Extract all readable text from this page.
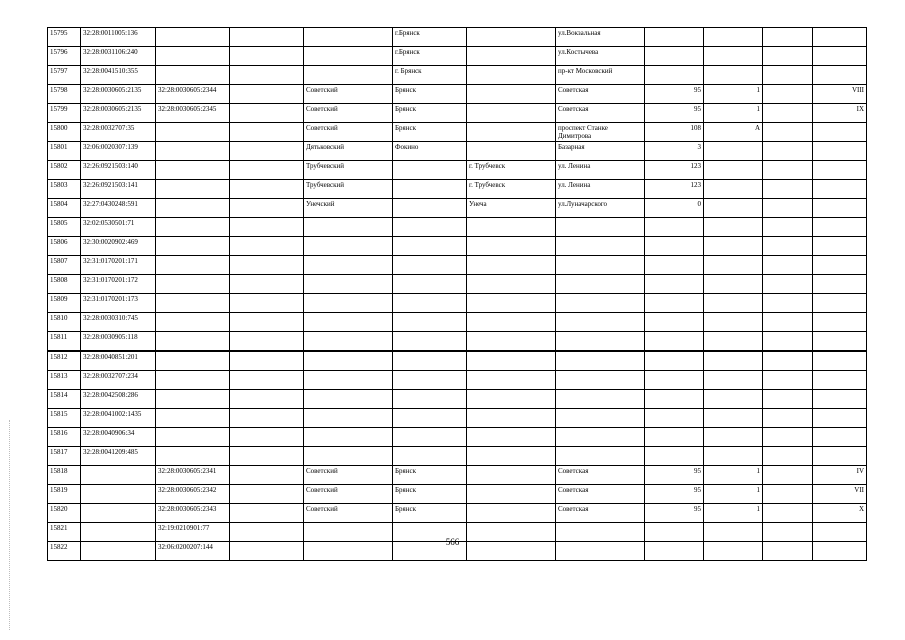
15795	32:28:0011005:136				г.Брянск		ул.Вокзальная				
15796	32:28:0031106:240				г.Брянск		ул.Костычева				
15797	32:28:0041510:355				г. Брянск		пр-кт Московский				
15798	32:28:0030605:2135	32:28:0030605:2344		Советский	Брянск		Советская	95	1		VIII
15799	32:28:0030605:2135	32:28:0030605:2345		Советский	Брянск		Советская	95	1		IX
15800	32:28:0032707:35			Советский	Брянск		проспект Станке Димитрова	108	А		
15801	32:06:0020307:139			Дятьковский	Фокино		Базарная	3			
15802	32:26:0921503:140			Трубчевский		г. Трубчевск	ул. Ленина	123			
15803	32:26:0921503:141			Трубчевский		г. Трубчевск	ул. Ленина	123			
15804	32:27:0430248:591			Унечский		Унеча	ул.Луначарского	0			
15805	32:02:0530501:71										
15806	32:30:0020902:469										
15807	32:31:0170201:171										
15808	32:31:0170201:172										
15809	32:31:0170201:173										
15810	32:28:0030310:745										
15811	32:28:0030905:118										
15812	32:28:0040851:201										
15813	32:28:0032707:234										
15814	32:28:0042508:286										
15815	32:28:0041002:1435										
15816	32:28:0040906:34										
15817	32:28:0041209:485										
15818		32:28:0030605:2341		Советский	Брянск		Советская	95	1		IV
15819		32:28:0030605:2342		Советский	Брянск		Советская	95	1		VII
15820		32:28:0030605:2343		Советский	Брянск		Советская	95	1		X
15821		32:19:0210901:77									
15822		32:06:0200207:144										566
